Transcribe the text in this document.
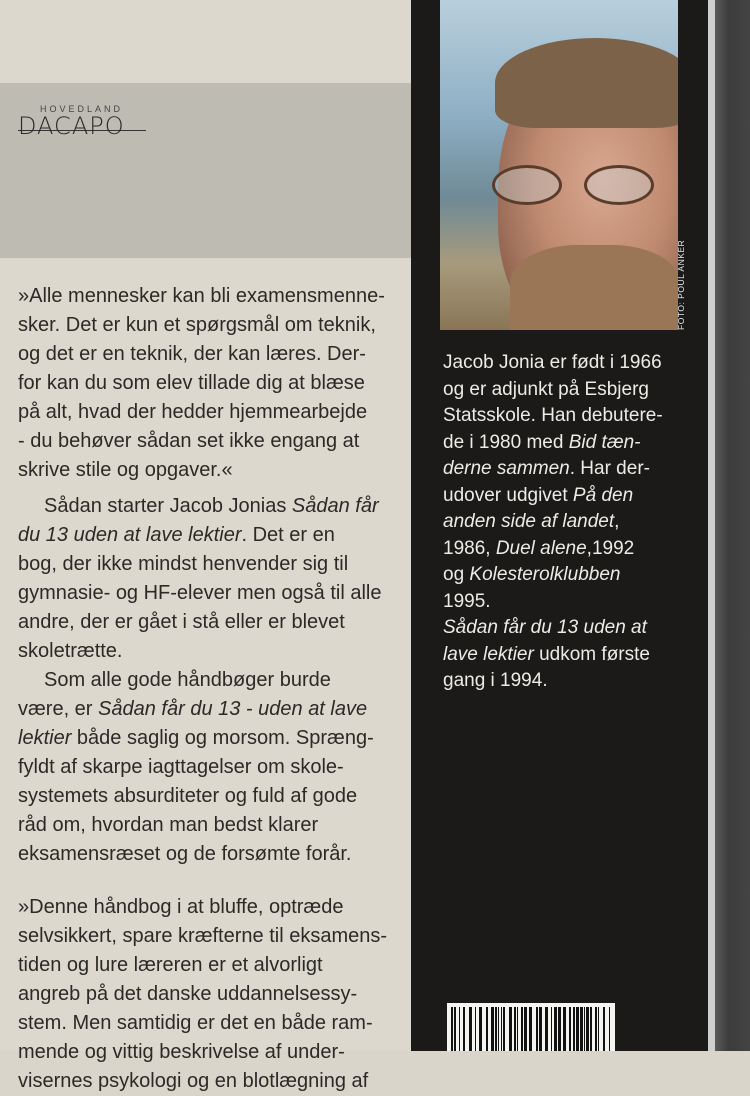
HOVEDLAND
DACAPO
»Alle mennesker kan bli examensmenne-
sker. Det er kun et spørgsmål om teknik,
og det er en teknik, der kan læres. Der-
for kan du som elev tillade dig at blæse
på alt, hvad der hedder hjemmearbejde
- du behøver sådan set ikke engang at
skrive stile og opgaver.«
Sådan starter Jacob Jonias Sådan får
du 13 uden at lave lektier. Det er en
bog, der ikke mindst henvender sig til
gymnasie- og HF-elever men også til alle
andre, der er gået i stå eller er blevet
skoletrætte.
Som alle gode håndbøger burde
være, er Sådan får du 13 - uden at lave
lektier både saglig og morsom. Spræng-
fyldt af skarpe iagttagelser om skole-
systemets absurditeter og fuld af gode
råd om, hvordan man bedst klarer
eksamensræset og de forsømte forår.
»Denne håndbog i at bluffe, optræde
selvsikkert, spare kræfterne til eksamens-
tiden og lure læreren er et alvorligt
angreb på det danske uddannelsessy-
stem. Men samtidig er det en både ram-
mende og vittig beskrivelse af under-
visernes psykologi og en blotlægning af
FOTO: POUL ANKER
Jacob Jonia er født i 1966
og er adjunkt på Esbjerg
Statsskole. Han debutere-
de i 1980 med Bid tæn-
derne sammen. Har der-
udover udgivet På den
anden side af landet,
1986, Duel alene,1992
og Kolesterolklubben
1995.
Sådan får du 13 uden at
lave lektier udkom første
gang i 1994.
